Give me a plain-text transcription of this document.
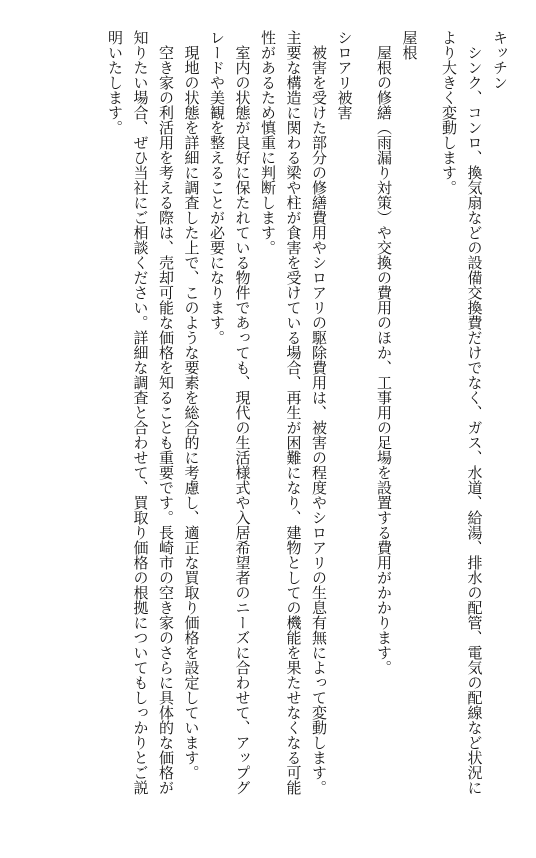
キッチン
シンク、コンロ、換気扇などの設備交換費だけでなく、ガス、水道、給湯、排水の配管、電気の配線など状況に
より大きく変動します。
屋根
屋根の修繕（雨漏り対策）や交換の費用のほか、工事用の足場を設置する費用がかかります。
シロアリ被害
被害を受けた部分の修繕費用やシロアリの駆除費用は、被害の程度やシロアリの生息有無によって変動します。
主要な構造に関わる梁や柱が食害を受けている場合、再生が困難になり、建物としての機能を果たせなくなる可能
性があるため慎重に判断します。
室内の状態が良好に保たれている物件であっても、現代の生活様式や入居希望者のニーズに合わせて、アップグ
レードや美観を整えることが必要になります。
現地の状態を詳細に調査した上で、このような要素を総合的に考慮し、適正な買取り価格を設定しています。
空き家の利活用を考える際は、売却可能な価格を知ることも重要です。長崎市の空き家のさらに具体的な価格が
知りたい場合、ぜひ当社にご相談ください。詳細な調査と合わせて、買取り価格の根拠についてもしっかりとご説
明いたします。
